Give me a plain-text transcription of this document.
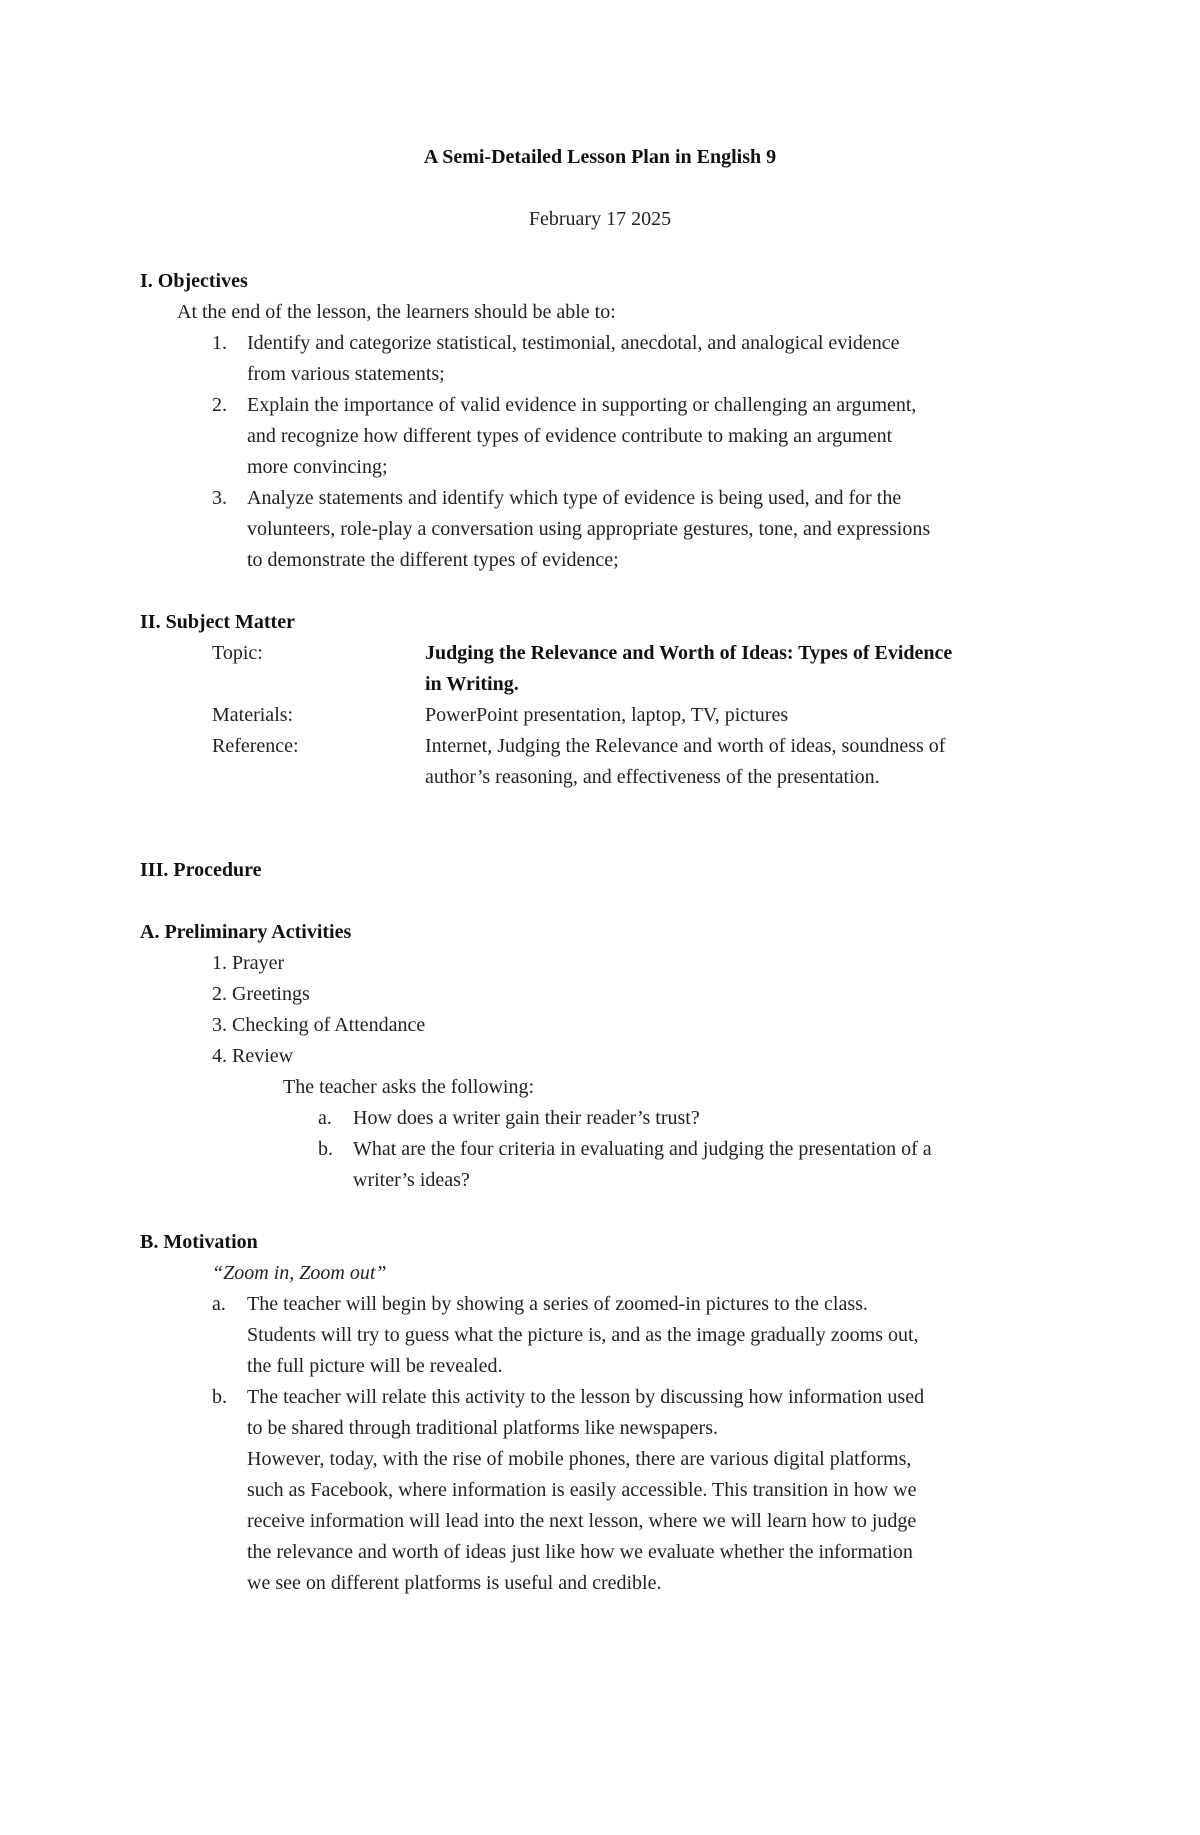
A Semi-Detailed Lesson Plan in English 9
February 17 2025
I. Objectives
At the end of the lesson, the learners should be able to:
1. Identify and categorize statistical, testimonial, anecdotal, and analogical evidence
from various statements;
2. Explain the importance of valid evidence in supporting or challenging an argument,
and recognize how different types of evidence contribute to making an argument
more convincing;
3. Analyze statements and identify which type of evidence is being used, and for the
volunteers, role-play a conversation using appropriate gestures, tone, and expressions
to demonstrate the different types of evidence;
II. Subject Matter
Topic:	Judging the Relevance and Worth of Ideas: Types of Evidence
in Writing.
Materials:	PowerPoint presentation, laptop, TV, pictures
Reference:	Internet, Judging the Relevance and worth of ideas, soundness of
author’s reasoning, and effectiveness of the presentation.
III. Procedure
A. Preliminary Activities
1. Prayer
2. Greetings
3. Checking of Attendance
4. Review
The teacher asks the following:
a. How does a writer gain their reader’s trust?
b. What are the four criteria in evaluating and judging the presentation of a
writer’s ideas?
B. Motivation
“Zoom in, Zoom out”
a. The teacher will begin by showing a series of zoomed-in pictures to the class.
Students will try to guess what the picture is, and as the image gradually zooms out,
the full picture will be revealed.
b. The teacher will relate this activity to the lesson by discussing how information used
to be shared through traditional platforms like newspapers.
However, today, with the rise of mobile phones, there are various digital platforms,
such as Facebook, where information is easily accessible. This transition in how we
receive information will lead into the next lesson, where we will learn how to judge
the relevance and worth of ideas just like how we evaluate whether the information
we see on different platforms is useful and credible.
